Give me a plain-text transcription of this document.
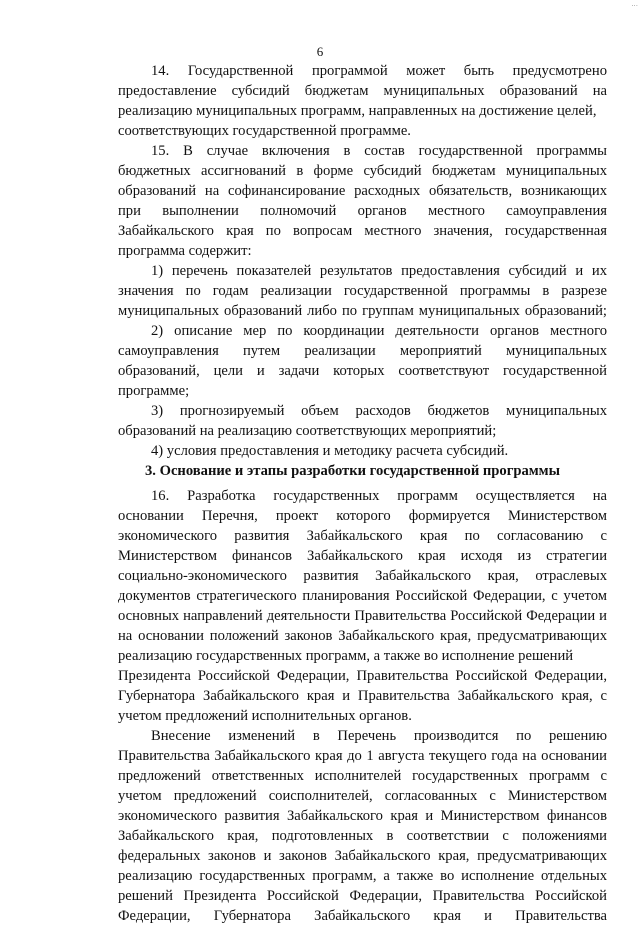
...
6
14. Государственной программой может быть предусмотрено
предоставление субсидий бюджетам муниципальных образований на
реализацию муниципальных программ, направленных на достижение целей,
соответствующих государственной программе.
15. В случае включения в состав государственной программы
бюджетных ассигнований в форме субсидий бюджетам муниципальных
образований на софинансирование расходных обязательств, возникающих
при выполнении полномочий органов местного самоуправления
Забайкальского края по вопросам местного значения, государственная
программа содержит:
1) перечень показателей результатов предоставления субсидий и их
значения по годам реализации государственной программы в разрезе
муниципальных образований либо по группам муниципальных образований;
2) описание мер по координации деятельности органов местного
самоуправления путем реализации мероприятий муниципальных
образований, цели и задачи которых соответствуют государственной
программе;
3) прогнозируемый объем расходов бюджетов муниципальных
образований на реализацию соответствующих мероприятий;
4) условия предоставления и методику расчета субсидий.
3. Основание и этапы разработки государственной программы
16. Разработка государственных программ осуществляется на
основании Перечня, проект которого формируется Министерством
экономического развития Забайкальского края по согласованию с
Министерством финансов Забайкальского края исходя из стратегии
социально-экономического развития Забайкальского края, отраслевых
документов стратегического планирования Российской Федерации, с учетом
основных направлений деятельности Правительства Российской Федерации и
на основании положений законов Забайкальского края, предусматривающих
реализацию государственных программ, а также во исполнение решений
Президента Российской Федерации, Правительства Российской Федерации,
Губернатора Забайкальского края и Правительства Забайкальского края, с
учетом предложений исполнительных органов.
Внесение изменений в Перечень производится по решению
Правительства Забайкальского края до 1 августа текущего года на основании
предложений ответственных исполнителей государственных программ с
учетом предложений соисполнителей, согласованных с Министерством
экономического развития Забайкальского края и Министерством финансов
Забайкальского края, подготовленных в соответствии с положениями
федеральных законов и законов Забайкальского края, предусматривающих
реализацию государственных программ, а также во исполнение отдельных
решений Президента Российской Федерации, Правительства Российской
Федерации, Губернатора Забайкальского края и Правительства
